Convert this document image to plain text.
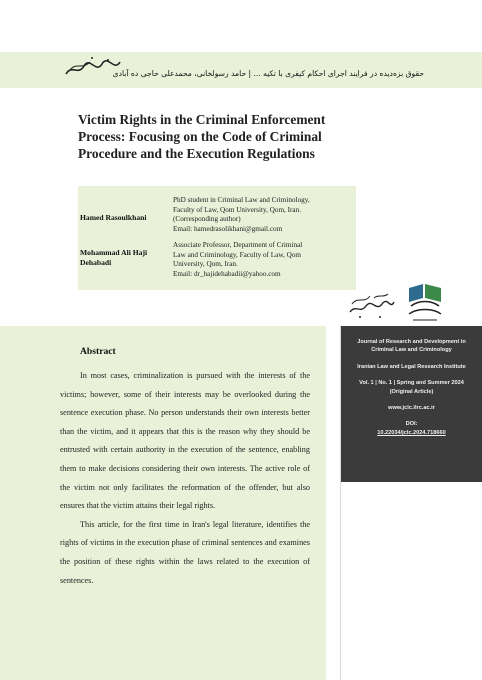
حقوق بزه‌دیده در فرایند اجرای احکام کیفری با تکیه ... | حامد رسولخانی، محمدعلی حاجی ده آبادی
Victim Rights in the Criminal Enforcement Process: Focusing on the Code of Criminal Procedure and the Execution Regulations
Hamed Rasoulkhani
PhD student in Criminal Law and Criminology,
Faculty of Law, Qom University, Qom, Iran.
(Corresponding author)
Email: hamedrasolikhani@gmail.com
Mohammad Ali Haji Dehabadi
Associate Professor, Department of Criminal
Law and Criminology, Faculty of Law, Qom
University, Qom, Iran.
Email: dr_hajidehabadii@yahoo.com
Abstract

In most cases, criminalization is pursued with the interests of the victims; however, some of their interests may be overlooked during the sentence execution phase. No person understands their own interests better than the victim, and it appears that this is the reason why they should be entrusted with certain authority in the execution of the sentence, enabling them to make decisions considering their own interests. The active role of the victim not only facilitates the reformation of the offender, but also ensures that the victim attains their legal rights.

This article, for the first time in Iran's legal literature, identifies the rights of victims in the execution phase of criminal sentences and examines the position of these rights within the laws related to the execution of sentences.

Journal of Research and Development in Criminal Law and Criminology
Iranian Law and Legal Research Institute
Vol. 1 | No. 1 | Spring and Summer 2024
(Original Article)
www.jclc.ilrc.ac.ir
DOI:
10.22034/jclc.2024.718660
